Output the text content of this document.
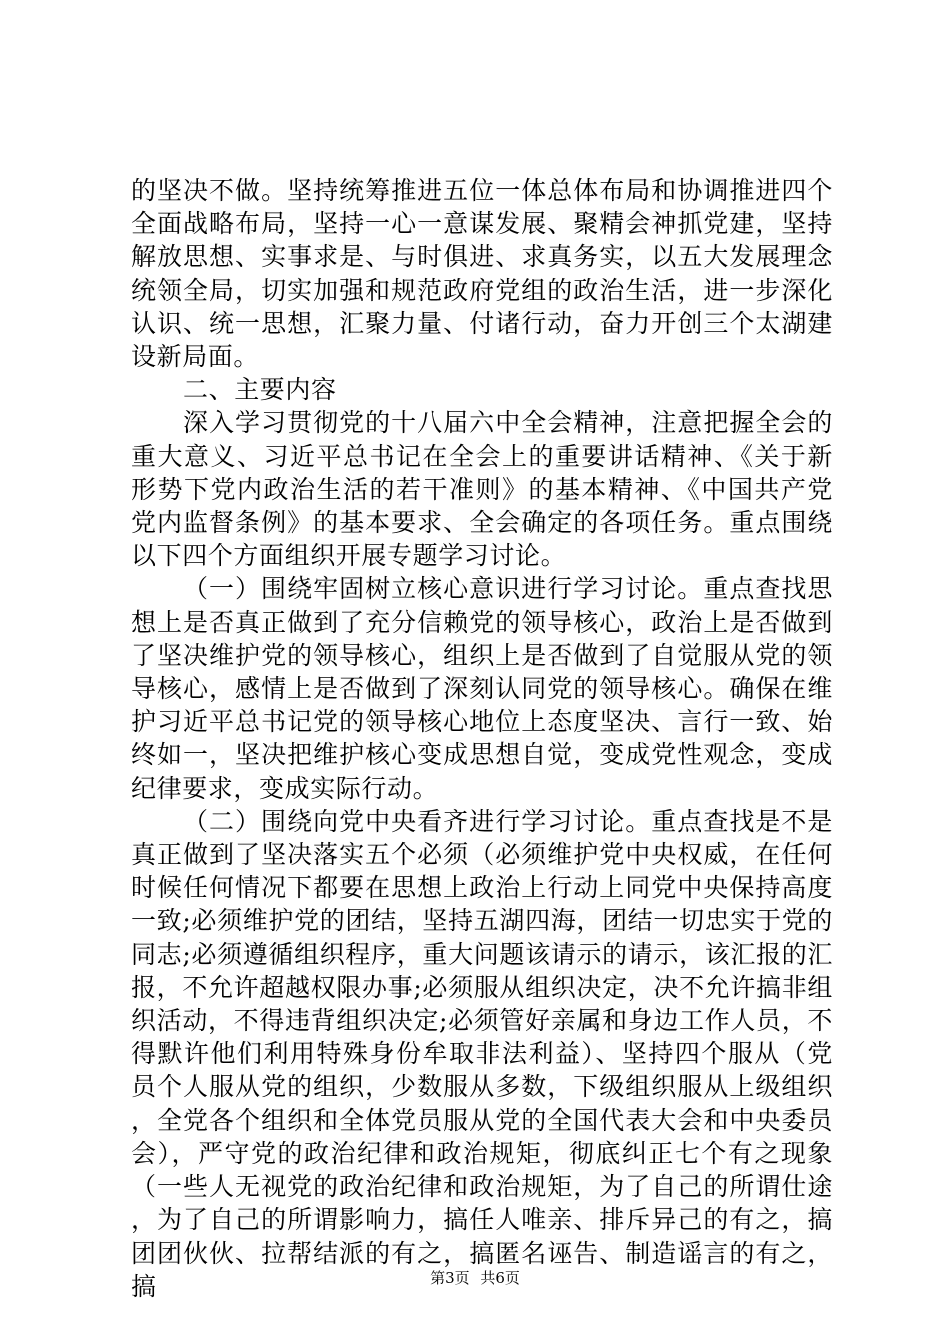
的坚决不做。坚持统筹推进五位一体总体布局和协调推进四个全面战略布局，坚持一心一意谋发展、聚精会神抓党建，坚持解放思想、实事求是、与时俱进、求真务实，以五大发展理念统领全局，切实加强和规范政府党组的政治生活，进一步深化认识、统一思想，汇聚力量、付诸行动，奋力开创三个太湖建设新局面。

二、主要内容

深入学习贯彻党的十八届六中全会精神，注意把握全会的重大意义、习近平总书记在全会上的重要讲话精神、《关于新形势下党内政治生活的若干准则》的基本精神、《中国共产党党内监督条例》的基本要求、全会确定的各项任务。重点围绕以下四个方面组织开展专题学习讨论。

（一）围绕牢固树立核心意识进行学习讨论。重点查找思想上是否真正做到了充分信赖党的领导核心，政治上是否做到了坚决维护党的领导核心，组织上是否做到了自觉服从党的领导核心，感情上是否做到了深刻认同党的领导核心。确保在维护习近平总书记党的领导核心地位上态度坚决、言行一致、始终如一，坚决把维护核心变成思想自觉，变成党性观念，变成纪律要求，变成实际行动。

（二）围绕向党中央看齐进行学习讨论。重点查找是不是真正做到了坚决落实五个必须（必须维护党中央权威，在任何时候任何情况下都要在思想上政治上行动上同党中央保持高度一致;必须维护党的团结，坚持五湖四海，团结一切忠实于党的同志;必须遵循组织程序，重大问题该请示的请示，该汇报的汇报，不允许超越权限办事;必须服从组织决定，决不允许搞非组织活动，不得违背组织决定;必须管好亲属和身边工作人员，不得默许他们利用特殊身份牟取非法利益）、坚持四个服从（党员个人服从党的组织，少数服从多数，下级组织服从上级组织，全党各个组织和全体党员服从党的全国代表大会和中央委员会），严守党的政治纪律和政治规矩，彻底纠正七个有之现象（一些人无视党的政治纪律和政治规矩，为了自己的所谓仕途，为了自己的所谓影响力，搞任人唯亲、排斥异己的有之，搞团团伙伙、拉帮结派的有之，搞匿名诬告、制造谣言的有之，搞	第3页 共6页
